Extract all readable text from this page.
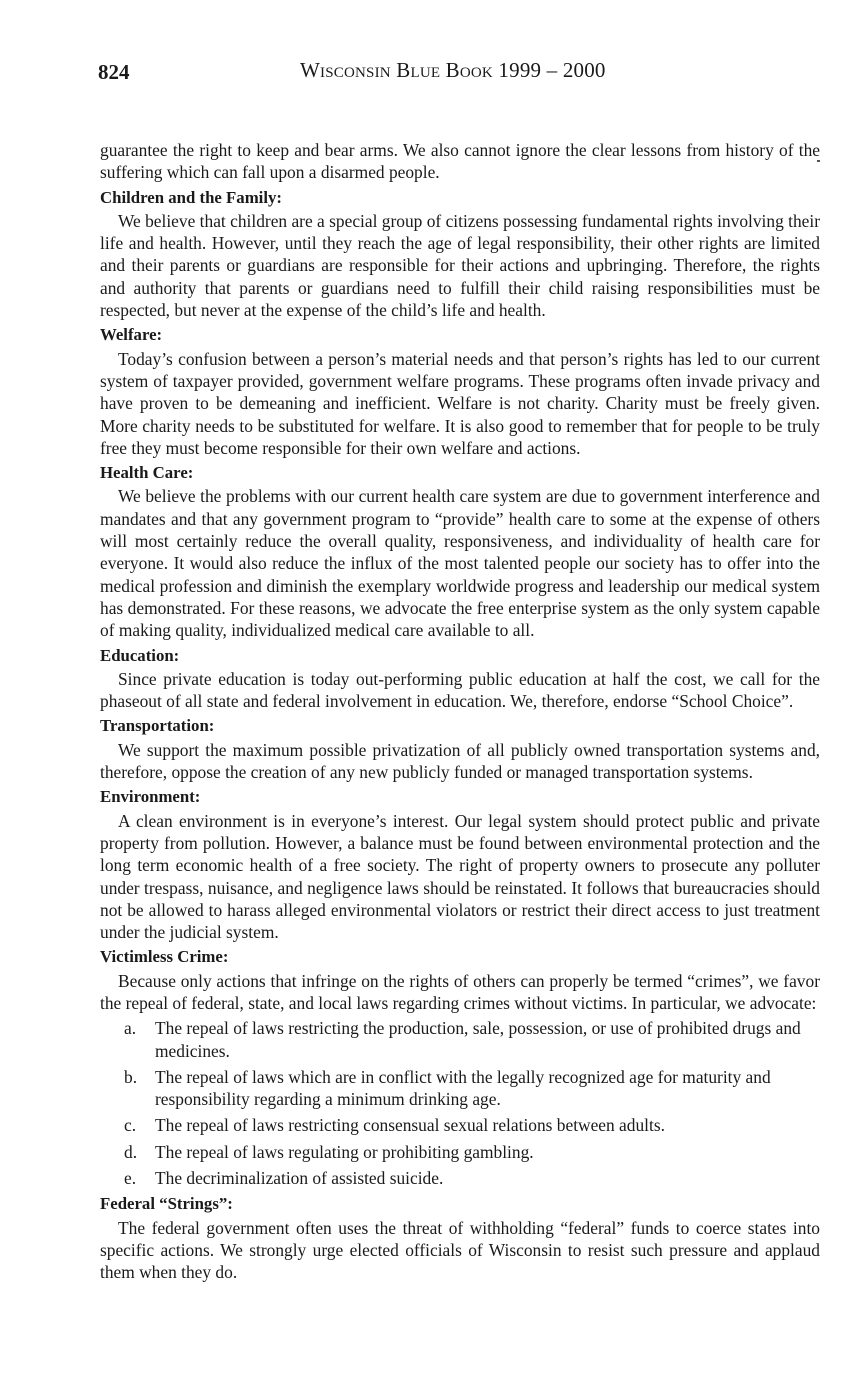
824	Wisconsin Blue Book 1999 – 2000

guarantee the right to keep and bear arms. We also cannot ignore the clear lessons from history of the suffering which can fall upon a disarmed people.

Children and the Family:

We believe that children are a special group of citizens possessing fundamental rights involving their life and health. However, until they reach the age of legal responsibility, their other rights are limited and their parents or guardians are responsible for their actions and upbringing. Therefore, the rights and authority that parents or guardians need to fulfill their child raising responsibilities must be respected, but never at the expense of the child’s life and health.

Welfare:

Today’s confusion between a person’s material needs and that person’s rights has led to our current system of taxpayer provided, government welfare programs. These programs often invade privacy and have proven to be demeaning and inefficient. Welfare is not charity. Charity must be freely given. More charity needs to be substituted for welfare. It is also good to remember that for people to be truly free they must become responsible for their own welfare and actions.

Health Care:

We believe the problems with our current health care system are due to government interference and mandates and that any government program to “provide” health care to some at the expense of others will most certainly reduce the overall quality, responsiveness, and individuality of health care for everyone. It would also reduce the influx of the most talented people our society has to offer into the medical profession and diminish the exemplary worldwide progress and leadership our medical system has demonstrated. For these reasons, we advocate the free enterprise system as the only system capable of making quality, individualized medical care available to all.

Education:

Since private education is today out-performing public education at half the cost, we call for the phaseout of all state and federal involvement in education. We, therefore, endorse “School Choice”.

Transportation:

We support the maximum possible privatization of all publicly owned transportation systems and, therefore, oppose the creation of any new publicly funded or managed transportation systems.

Environment:

A clean environment is in everyone’s interest. Our legal system should protect public and private property from pollution. However, a balance must be found between environmental protection and the long term economic health of a free society. The right of property owners to prosecute any polluter under trespass, nuisance, and negligence laws should be reinstated. It follows that bureaucracies should not be allowed to harass alleged environmental violators or restrict their direct access to just treatment under the judicial system.

Victimless Crime:

Because only actions that infringe on the rights of others can properly be termed “crimes”, we favor the repeal of federal, state, and local laws regarding crimes without victims. In particular, we advocate:

a.	The repeal of laws restricting the production, sale, possession, or use of prohibited drugs and medicines.
b.	The repeal of laws which are in conflict with the legally recognized age for maturity and responsibility regarding a minimum drinking age.
c.	The repeal of laws restricting consensual sexual relations between adults.
d.	The repeal of laws regulating or prohibiting gambling.
e.	The decriminalization of assisted suicide.
Federal “Strings”:

The federal government often uses the threat of withholding “federal” funds to coerce states into specific actions. We strongly urge elected officials of Wisconsin to resist such pressure and applaud them when they do.
